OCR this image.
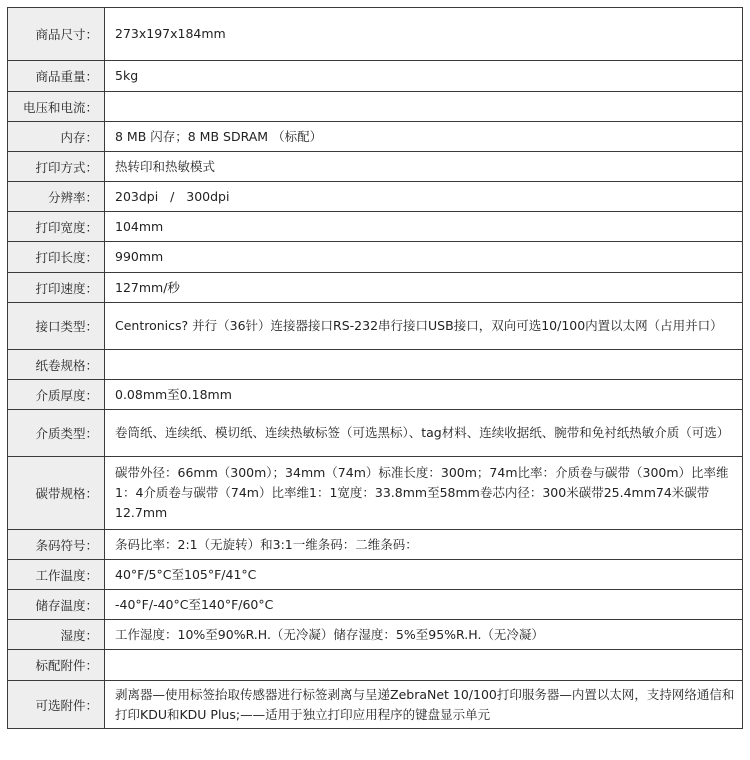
商品尺寸：	273x197x184mm
商品重量：	5kg
电压和电流：	
内存：	8 MB 闪存；8 MB SDRAM （标配）
打印方式：	热转印和热敏模式
分辨率：	203dpi   /   300dpi
打印宽度：	104mm
打印长度：	990mm
打印速度：	127mm/秒
接口类型：	Centronics? 并行（36针）连接器接口RS-232串行接口USB接口，双向可选10/100内置以太网（占用并口）
纸卷规格：	
介质厚度：	0.08mm至0.18mm
介质类型：	卷筒纸、连续纸、模切纸、连续热敏标签（可选黑标）、tag材料、连续收据纸、腕带和免衬纸热敏介质（可选）
碳带规格：	碳带外径：66mm（300m）；34mm（74m）标准长度：300m；74m比率：介质卷与碳带（300m）比率维1：4介质卷与碳带（74m）比率维1：1宽度：33.8mm至58mm卷芯内径：300米碳带25.4mm74米碳带 12.7mm
条码符号：	条码比率：2:1（无旋转）和3:1一维条码：二维条码：
工作温度：	40°F/5°C至105°F/41°C
储存温度：	-40°F/-40°C至140°F/60°C
湿度：	工作湿度：10%至90%R.H.（无冷凝）储存湿度：5%至95%R.H.（无冷凝）
标配附件：	
可选附件：	剥离器—使用标签抬取传感器进行标签剥离与呈递ZebraNet 10/100打印服务器—内置以太网，支持网络通信和打印KDU和KDU Plus;——适用于独立打印应用程序的键盘显示单元
